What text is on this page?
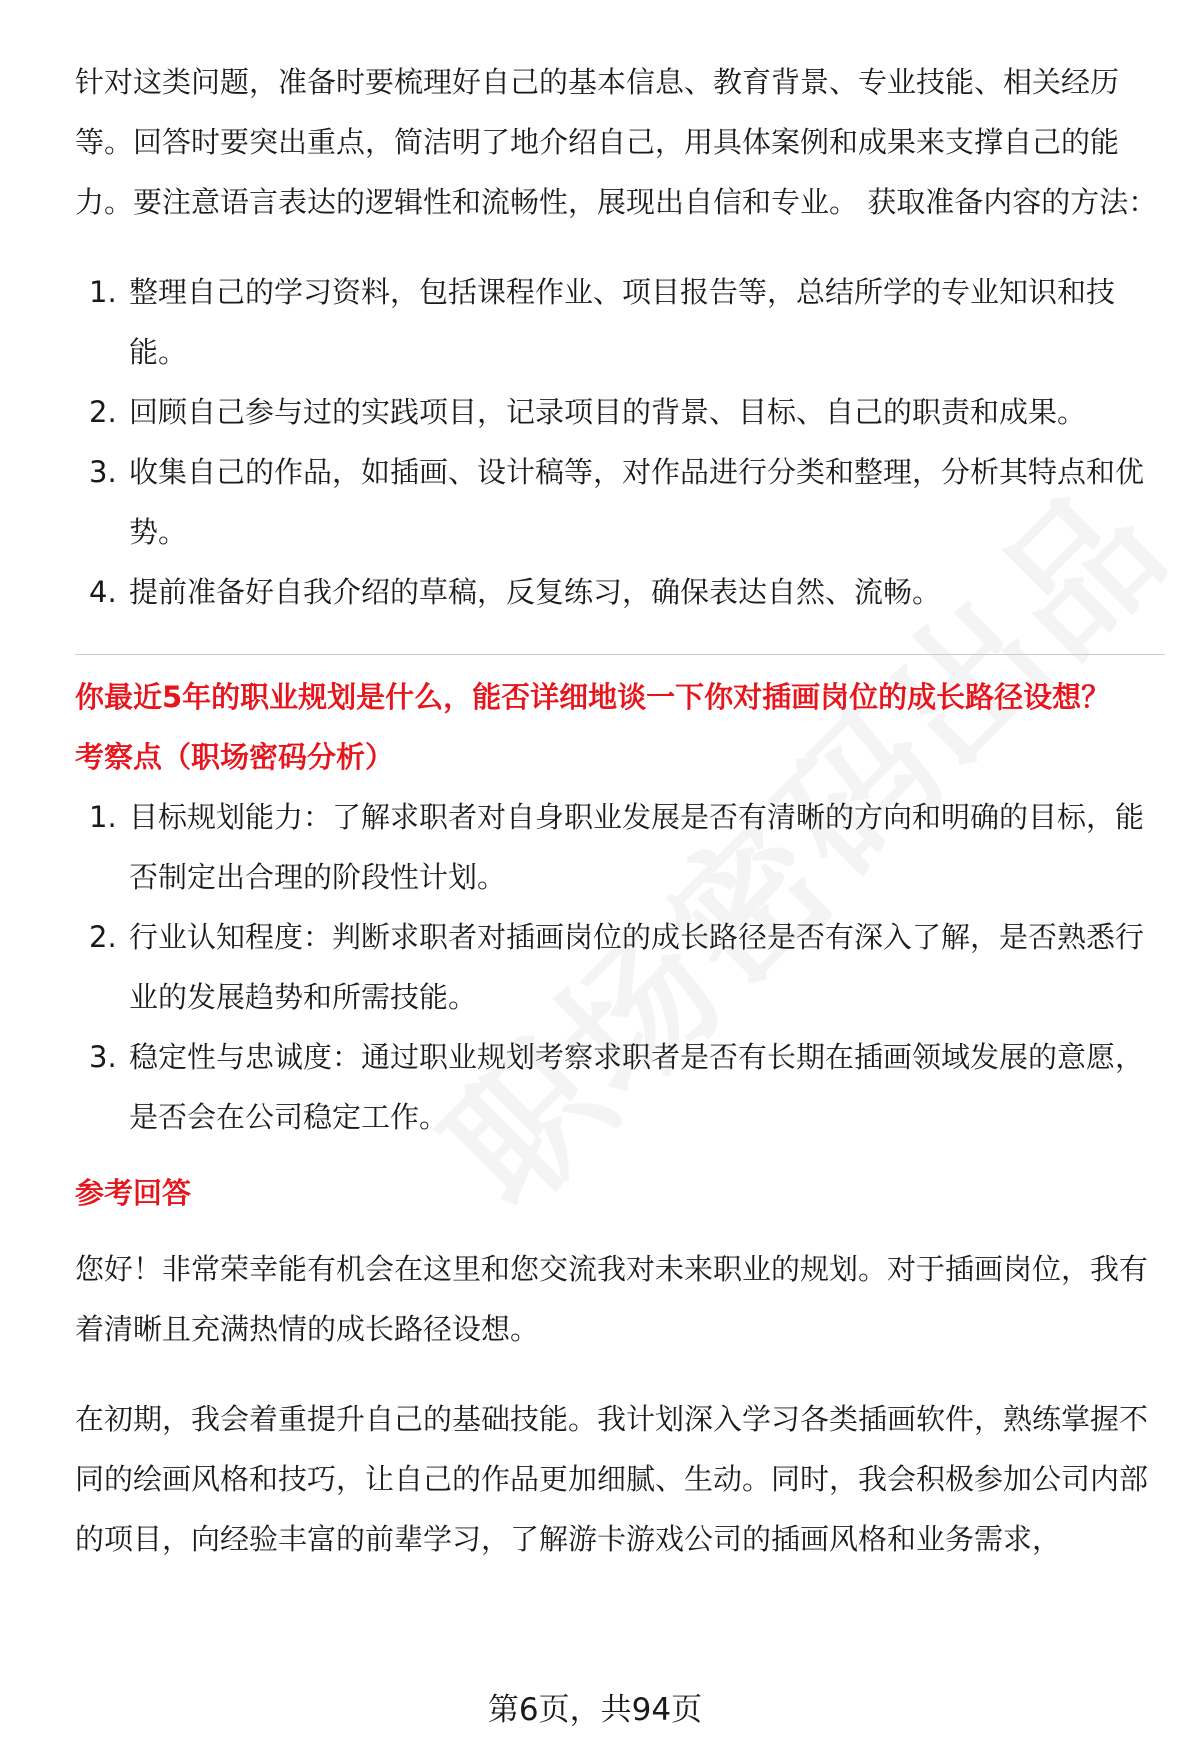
针对这类问题，准备时要梳理好自己的基本信息、教育背景、专业技能、相关经历等。回答时要突出重点，简洁明了地介绍自己，用具体案例和成果来支撑自己的能力。要注意语言表达的逻辑性和流畅性，展现出自信和专业。 获取准备内容的方法：

1. 整理自己的学习资料，包括课程作业、项目报告等，总结所学的专业知识和技能。
2. 回顾自己参与过的实践项目，记录项目的背景、目标、自己的职责和成果。
3. 收集自己的作品，如插画、设计稿等，对作品进行分类和整理，分析其特点和优势。
4. 提前准备好自我介绍的草稿，反复练习，确保表达自然、流畅。
你最近5年的职业规划是什么，能否详细地谈一下你对插画岗位的成长路径设想？
考察点（职场密码分析）
1. 目标规划能力：了解求职者对自身职业发展是否有清晰的方向和明确的目标，能否制定出合理的阶段性计划。
2. 行业认知程度：判断求职者对插画岗位的成长路径是否有深入了解，是否熟悉行业的发展趋势和所需技能。
3. 稳定性与忠诚度：通过职业规划考察求职者是否有长期在插画领域发展的意愿，是否会在公司稳定工作。
参考回答

您好！非常荣幸能有机会在这里和您交流我对未来职业的规划。对于插画岗位，我有着清晰且充满热情的成长路径设想。

在初期，我会着重提升自己的基础技能。我计划深入学习各类插画软件，熟练掌握不同的绘画风格和技巧，让自己的作品更加细腻、生动。同时，我会积极参加公司内部的项目，向经验丰富的前辈学习，了解游卡游戏公司的插画风格和业务需求，

第6页，共94页
